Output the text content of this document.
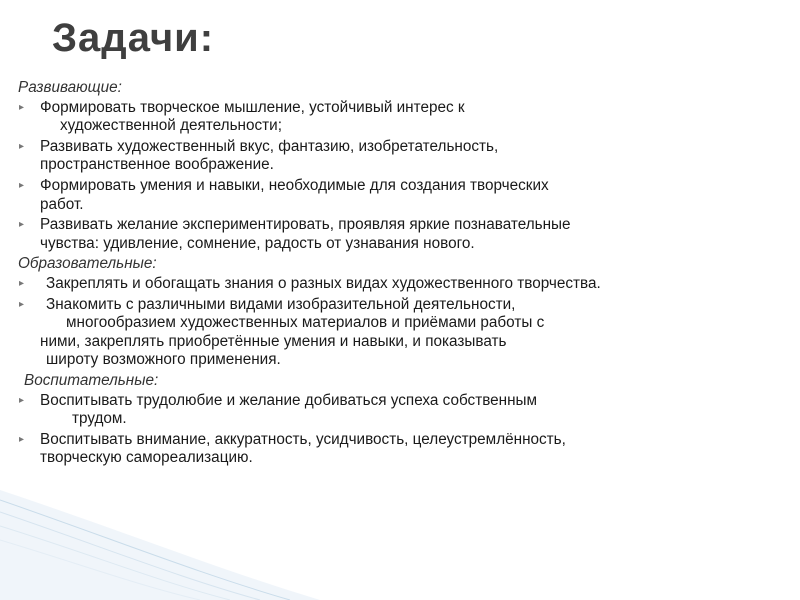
Задачи:
Развивающие:
▸	Формировать творческое мышление, устойчивый интерес к
художественной деятельности;
▸	Развивать художественный вкус, фантазию, изобретательность,
пространственное воображение.
▸	Формировать умения и навыки, необходимые для создания творческих
работ.
▸	Развивать желание экспериментировать, проявляя яркие познавательные
чувства: удивление, сомнение, радость от узнавания нового.
Образовательные:
▸	Закреплять и обогащать знания о разных видах художественного творчества.
▸	Знакомить с различными видами изобразительной деятельности,
многообразием художественных материалов и приёмами работы с
ними, закреплять приобретённые умения и навыки, и показывать
широту возможного применения.
Воспитательные:
▸	Воспитывать трудолюбие и желание добиваться успеха собственным
трудом.
▸	Воспитывать внимание, аккуратность, усидчивость, целеустремлённость,
творческую самореализацию.
